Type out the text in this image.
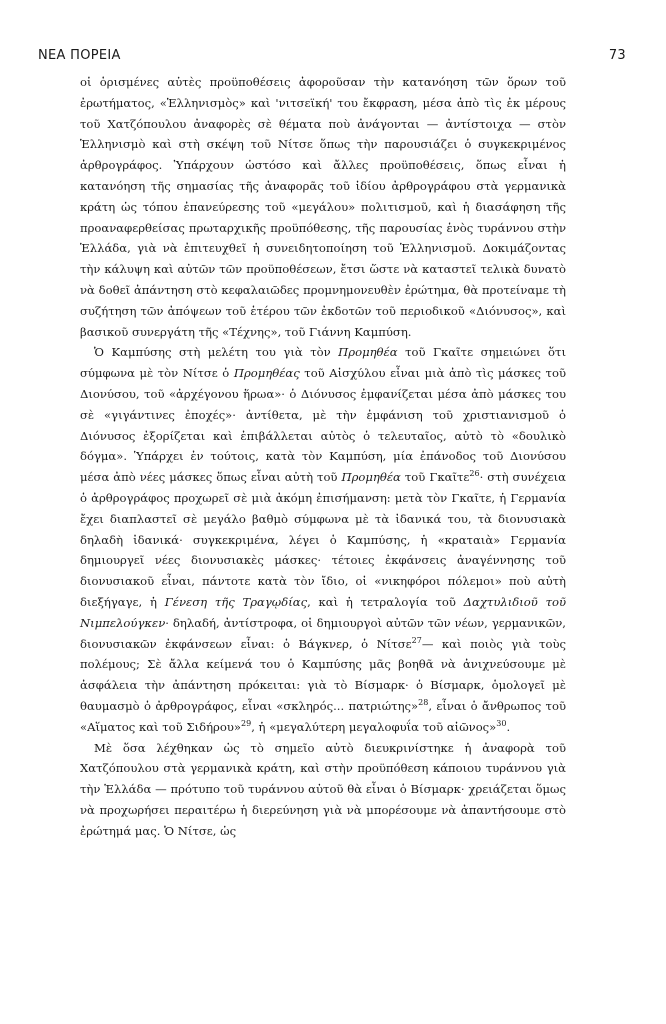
ΝΕΑ ΠΟΡΕΙΑ	73

οἱ ὁρισμένες αὐτὲς προϋποθέσεις ἀφοροῦσαν τὴν κατανόηση τῶν ὅρων τοῦ ἐρωτήματος, «Ἑλληνισμὸς» καὶ 'νιτσεϊκή' του ἔκφραση, μέσα ἀπὸ τὶς ἐκ μέρους τοῦ Χατζόπουλου ἀναφορὲς σὲ θέματα ποὺ ἀνάγονται — ἀντίστοιχα — στὸν Ἑλληνισμὸ καὶ στὴ σκέψη τοῦ Νίτσε ὅπως τὴν παρουσιάζει ὁ συγκεκριμένος ἀρθρογράφος. Ὑπάρχουν ὡστόσο καὶ ἄλλες προϋποθέσεις, ὅπως εἶναι ἡ κατανόηση τῆς σημασίας τῆς ἀναφορᾶς τοῦ ἰδίου ἀρθρογράφου στὰ γερμανικὰ κράτη ὡς τόπου ἐπανεύρεσης τοῦ «μεγάλου» πολιτισμοῦ, καὶ ἡ διασάφηση τῆς προαναφερθείσας πρωταρχικῆς προϋπόθεσης, τῆς παρουσίας ἑνὸς τυράννου στὴν Ἑλλάδα, γιὰ νὰ ἐπιτευχθεῖ ἡ συνειδητοποίηση τοῦ Ἑλληνισμοῦ. Δοκιμάζοντας τὴν κάλυψη καὶ αὐτῶν τῶν προϋποθέσεων, ἔτσι ὥστε νὰ καταστεῖ τελικὰ δυνατὸ νὰ δοθεῖ ἀπάντηση στὸ κεφαλαιῶδες προμνημονευθὲν ἐρώτημα, θὰ προτείναμε τὴ συζήτηση τῶν ἀπόψεων τοῦ ἑτέρου τῶν ἐκδοτῶν τοῦ περιοδικοῦ «Διόνυσος», καὶ βασικοῦ συνεργάτη τῆς «Τέχνης», τοῦ Γιάννη Καμπύση.

Ὁ Καμπύσης στὴ μελέτη του γιὰ τὸν Προμηθέα τοῦ Γκαῖτε σημειώνει ὅτι σύμφωνα μὲ τὸν Νίτσε ὁ Προμηθέας τοῦ Αἰσχύλου εἶναι μιὰ ἀπὸ τὶς μάσκες τοῦ Διονύσου, τοῦ «ἀρχέγονου ἥρωα»· ὁ Διόνυσος ἐμφανίζεται μέσα ἀπὸ μάσκες του σὲ «γιγάντινες ἐποχές»· ἀντίθετα, μὲ τὴν ἐμφάνιση τοῦ χριστιανισμοῦ ὁ Διόνυσος ἐξορίζεται καὶ ἐπιβάλλεται αὐτὸς ὁ τελευταῖος, αὐτὸ τὸ «δουλικὸ δόγμα». Ὑπάρχει ἐν τούτοις, κατὰ τὸν Καμπύση, μία ἐπάνοδος τοῦ Διονύσου μέσα ἀπὸ νέες μάσκες ὅπως εἶναι αὐτὴ τοῦ Προμηθέα τοῦ Γκαῖτε$^{26}$· στὴ συνέχεια ὁ ἀρθρογράφος προχωρεῖ σὲ μιὰ ἀκόμη ἐπισήμανση: μετὰ τὸν Γκαῖτε, ἡ Γερμανία ἔχει διαπλαστεῖ σὲ μεγάλο βαθμὸ σύμφωνα μὲ τὰ ἰδανικά του, τὰ διονυσιακὰ δηλαδὴ ἰδανικά· συγκεκριμένα, λέγει ὁ Καμπύσης, ἡ «κραταιὰ» Γερμανία δημιουργεῖ νέες διονυσιακὲς μάσκες· τέτοιες ἐκφάνσεις ἀναγέννησης τοῦ διονυσιακοῦ εἶναι, πάντοτε κατὰ τὸν ἴδιο, οἱ «νικηφόροι πόλεμοι» ποὺ αὐτὴ διεξήγαγε, ἡ Γένεση τῆς Τραγῳδίας, καὶ ἡ τετραλογία τοῦ Δαχτυλιδιοῦ τοῦ Νιμπελούγκεν· δηλαδή, ἀντίστροφα, οἱ δημιουργοὶ αὐτῶν τῶν νέων, γερμανικῶν, διονυσιακῶν ἐκφάνσεων εἶναι: ὁ Βάγκνερ, ὁ Νίτσε$^{27}$— καὶ ποιὸς γιὰ τοὺς πολέμους; Σὲ ἄλλα κείμενά του ὁ Καμπύσης μᾶς βοηθᾶ νὰ ἀνιχνεύσουμε μὲ ἀσφάλεια τὴν ἀπάντηση πρόκειται: γιὰ τὸ Βίσμαρκ· ὁ Βίσμαρκ, ὁμολογεῖ μὲ θαυμασμὸ ὁ ἀρθρογράφος, εἶναι «σκληρός... πατριώτης»$^{28}$, εἶναι ὁ ἄνθρωπος τοῦ «Αἵματος καὶ τοῦ Σιδήρου»$^{29}$, ἡ «μεγαλύτερη μεγαλοφυΐα τοῦ αἰῶνος»$^{30}$.

Μὲ ὅσα λέχθηκαν ὡς τὸ σημεῖο αὐτὸ διευκρινίστηκε ἡ ἀναφορὰ τοῦ Χατζόπουλου στὰ γερμανικὰ κράτη, καὶ στὴν προϋπόθεση κάποιου τυράννου γιὰ τὴν Ἑλλάδα — πρότυπο τοῦ τυράννου αὐτοῦ θὰ εἶναι ὁ Βίσμαρκ· χρειάζεται ὅμως νὰ προχωρήσει περαιτέρω ἡ διερεύνηση γιὰ νὰ μπορέσουμε νὰ ἀπαντήσουμε στὸ ἐρώτημά μας. Ὁ Νίτσε, ὡς
